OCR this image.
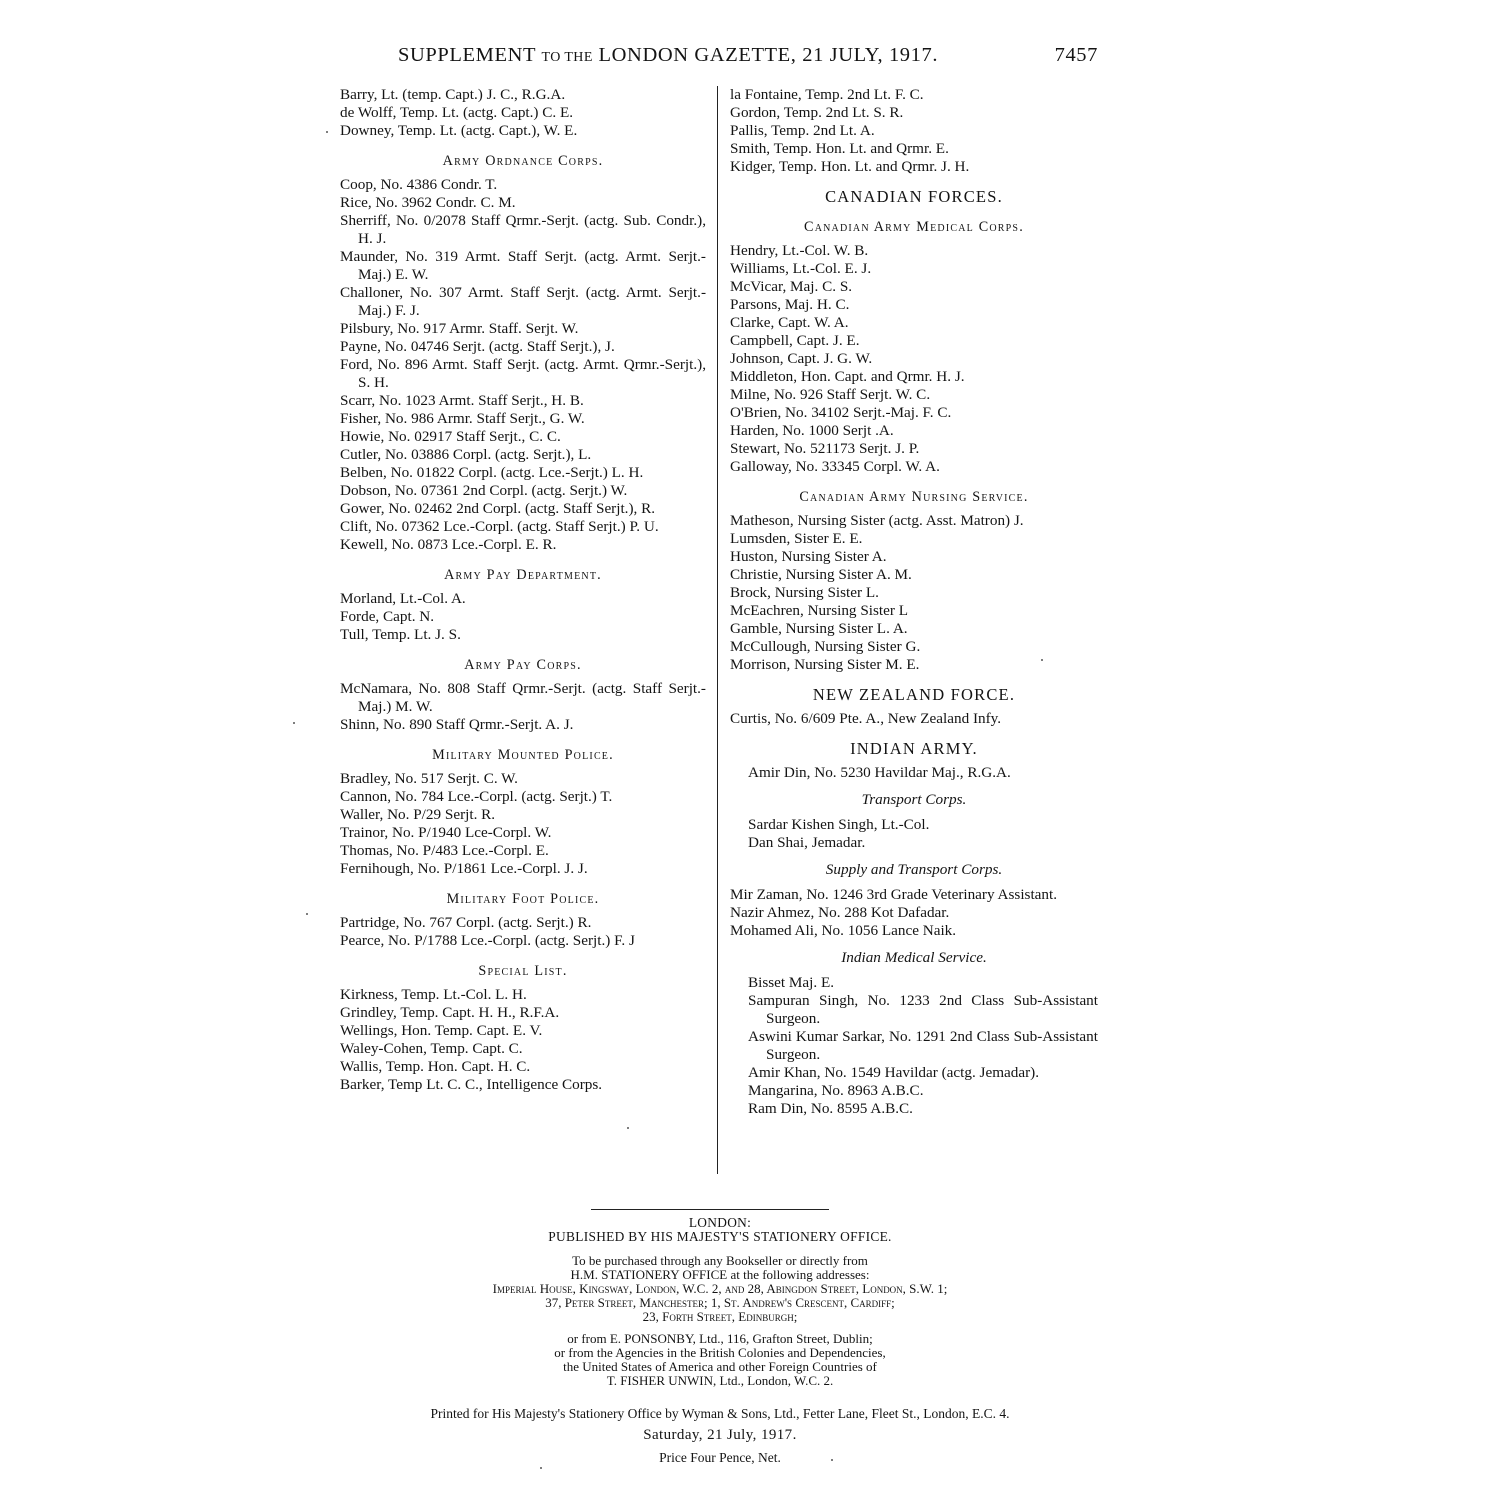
SUPPLEMENT TO THE LONDON GAZETTE, 21 JULY, 1917.	7457
Barry, Lt. (temp. Capt.) J. C., R.G.A.
de Wolff, Temp. Lt. (actg. Capt.) C. E.
Downey, Temp. Lt. (actg. Capt.), W. E.
Army Ordnance Corps.
Coop, No. 4386 Condr. T.
Rice, No. 3962 Condr. C. M.
Sherriff, No. 0/2078 Staff Qrmr.-Serjt. (actg. Sub. Condr.), H. J.
Maunder, No. 319 Armt. Staff Serjt. (actg. Armt. Serjt.-Maj.) E. W.
Challoner, No. 307 Armt. Staff Serjt. (actg. Armt. Serjt.-Maj.) F. J.
Pilsbury, No. 917 Armr. Staff. Serjt. W.
Payne, No. 04746 Serjt. (actg. Staff Serjt.), J.
Ford, No. 896 Armt. Staff Serjt. (actg. Armt. Qrmr.-Serjt.), S. H.
Scarr, No. 1023 Armt. Staff Serjt., H. B.
Fisher, No. 986 Armr. Staff Serjt., G. W.
Howie, No. 02917 Staff Serjt., C. C.
Cutler, No. 03886 Corpl. (actg. Serjt.), L.
Belben, No. 01822 Corpl. (actg. Lce.-Serjt.) L. H.
Dobson, No. 07361 2nd Corpl. (actg. Serjt.) W.
Gower, No. 02462 2nd Corpl. (actg. Staff Serjt.), R.
Clift, No. 07362 Lce.-Corpl. (actg. Staff Serjt.) P. U.
Kewell, No. 0873 Lce.-Corpl. E. R.
Army Pay Department.
Morland, Lt.-Col. A.
Forde, Capt. N.
Tull, Temp. Lt. J. S.
Army Pay Corps.
McNamara, No. 808 Staff Qrmr.-Serjt. (actg. Staff Serjt.-Maj.) M. W.
Shinn, No. 890 Staff Qrmr.-Serjt. A. J.
Military Mounted Police.
Bradley, No. 517 Serjt. C. W.
Cannon, No. 784 Lce.-Corpl. (actg. Serjt.) T.
Waller, No. P/29 Serjt. R.
Trainor, No. P/1940 Lce-Corpl. W.
Thomas, No. P/483 Lce.-Corpl. E.
Fernihough, No. P/1861 Lce.-Corpl. J. J.
Military Foot Police.
Partridge, No. 767 Corpl. (actg. Serjt.) R.
Pearce, No. P/1788 Lce.-Corpl. (actg. Serjt.) F. J
Special List.
Kirkness, Temp. Lt.-Col. L. H.
Grindley, Temp. Capt. H. H., R.F.A.
Wellings, Hon. Temp. Capt. E. V.
Waley-Cohen, Temp. Capt. C.
Wallis, Temp. Hon. Capt. H. C.
Barker, Temp Lt. C. C., Intelligence Corps.
la Fontaine, Temp. 2nd Lt. F. C.
Gordon, Temp. 2nd Lt. S. R.
Pallis, Temp. 2nd Lt. A.
Smith, Temp. Hon. Lt. and Qrmr. E.
Kidger, Temp. Hon. Lt. and Qrmr. J. H.
CANADIAN FORCES.
Canadian Army Medical Corps.
Hendry, Lt.-Col. W. B.
Williams, Lt.-Col. E. J.
McVicar, Maj. C. S.
Parsons, Maj. H. C.
Clarke, Capt. W. A.
Campbell, Capt. J. E.
Johnson, Capt. J. G. W.
Middleton, Hon. Capt. and Qrmr. H. J.
Milne, No. 926 Staff Serjt. W. C.
O'Brien, No. 34102 Serjt.-Maj. F. C.
Harden, No. 1000 Serjt .A.
Stewart, No. 521173 Serjt. J. P.
Galloway, No. 33345 Corpl. W. A.
Canadian Army Nursing Service.
Matheson, Nursing Sister (actg. Asst. Matron) J.
Lumsden, Sister E. E.
Huston, Nursing Sister A.
Christie, Nursing Sister A. M.
Brock, Nursing Sister L.
McEachren, Nursing Sister L
Gamble, Nursing Sister L. A.
McCullough, Nursing Sister G.
Morrison, Nursing Sister M. E.
NEW ZEALAND FORCE.
Curtis, No. 6/609 Pte. A., New Zealand Infy.
INDIAN ARMY.
Amir Din, No. 5230 Havildar Maj., R.G.A.
Transport Corps.
Sardar Kishen Singh, Lt.-Col.
Dan Shai, Jemadar.
Supply and Transport Corps.
Mir Zaman, No. 1246 3rd Grade Veterinary Assistant.
Nazir Ahmez, No. 288 Kot Dafadar.
Mohamed Ali, No. 1056 Lance Naik.
Indian Medical Service.
Bisset Maj. E.
Sampuran Singh, No. 1233 2nd Class Sub-Assistant Surgeon.
Aswini Kumar Sarkar, No. 1291 2nd Class Sub-Assistant Surgeon.
Amir Khan, No. 1549 Havildar (actg. Jemadar).
Mangarina, No. 8963 A.B.C.
Ram Din, No. 8595 A.B.C.
LONDON:
PUBLISHED BY HIS MAJESTY'S STATIONERY OFFICE.
To be purchased through any Bookseller or directly from
H.M. STATIONERY OFFICE at the following addresses:
Imperial House, Kingsway, London, W.C. 2, and 28, Abingdon Street, London, S.W. 1;
37, Peter Street, Manchester; 1, St. Andrew's Crescent, Cardiff;
23, Forth Street, Edinburgh;
or from E. PONSONBY, Ltd., 116, Grafton Street, Dublin;
or from the Agencies in the British Colonies and Dependencies,
the United States of America and other Foreign Countries of
T. FISHER UNWIN, Ltd., London, W.C. 2.
Printed for His Majesty's Stationery Office by Wyman & Sons, Ltd., Fetter Lane, Fleet St., London, E.C. 4.
Saturday, 21 July, 1917.
Price Four Pence, Net.
